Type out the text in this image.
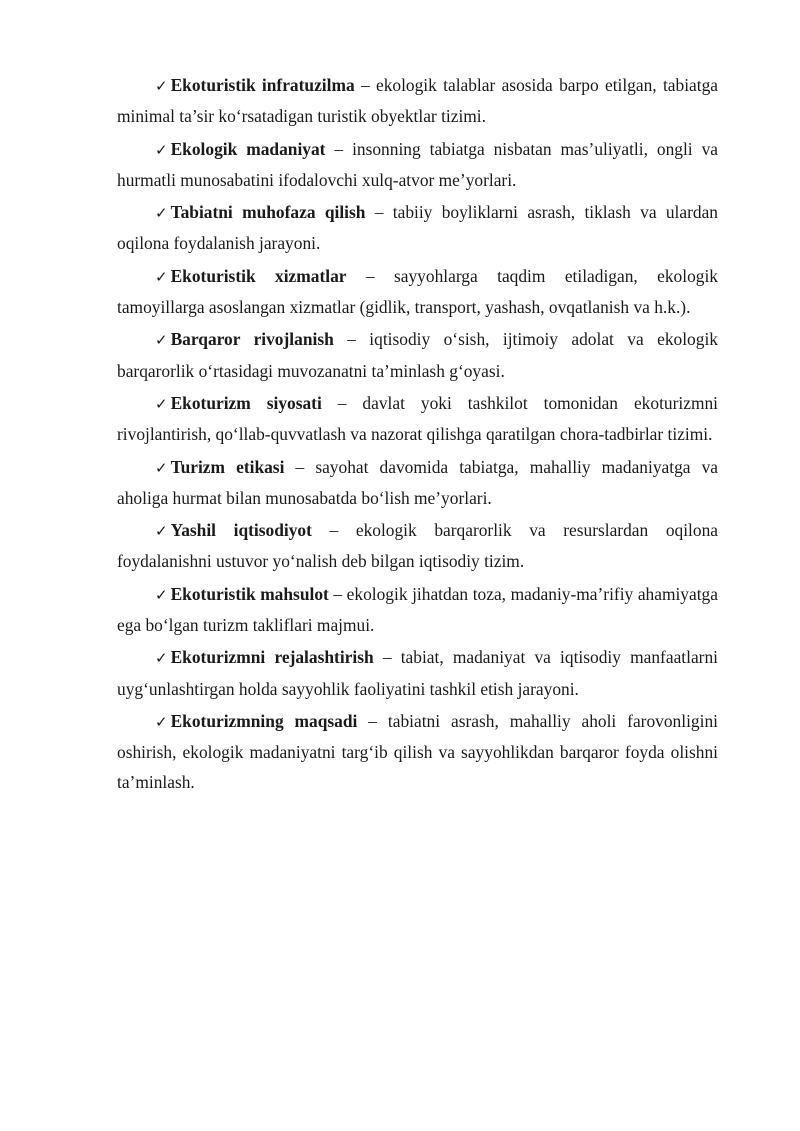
✓ Ekoturistik infratuzilma – ekologik talablar asosida barpo etilgan, tabiatga minimal ta’sir ko‘rsatadigan turistik obyektlar tizimi.

✓ Ekologik madaniyat – insonning tabiatga nisbatan mas’uliyatli, ongli va hurmatli munosabatini ifodalovchi xulq-atvor me’yorlari.

✓ Tabiatni muhofaza qilish – tabiiy boyliklarni asrash, tiklash va ulardan oqilona foydalanish jarayoni.

✓ Ekoturistik xizmatlar – sayyohlarga taqdim etiladigan, ekologik tamoyillarga asoslangan xizmatlar (gidlik, transport, yashash, ovqatlanish va h.k.).

✓ Barqaror rivojlanish – iqtisodiy o‘sish, ijtimoiy adolat va ekologik barqarorlik o‘rtasidagi muvozanatni ta’minlash g‘oyasi.

✓ Ekoturizm siyosati – davlat yoki tashkilot tomonidan ekoturizmni rivojlantirish, qo‘llab-quvvatlash va nazorat qilishga qaratilgan chora-tadbirlar tizimi.

✓ Turizm etikasi – sayohat davomida tabiatga, mahalliy madaniyatga va aholiga hurmat bilan munosabatda bo‘lish me’yorlari.

✓ Yashil iqtisodiyot – ekologik barqarorlik va resurslardan oqilona foydalanishni ustuvor yo‘nalish deb bilgan iqtisodiy tizim.

✓ Ekoturistik mahsulot – ekologik jihatdan toza, madaniy-ma’rifiy ahamiyatga ega bo‘lgan turizm takliflari majmui.

✓ Ekoturizmni rejalashtirish – tabiat, madaniyat va iqtisodiy manfaatlarni uyg‘unlashtirgan holda sayyohlik faoliyatini tashkil etish jarayoni.

✓ Ekoturizmning maqsadi – tabiatni asrash, mahalliy aholi farovonligini oshirish, ekologik madaniyatni targ‘ib qilish va sayyohlikdan barqaror foyda olishni ta’minlash.
